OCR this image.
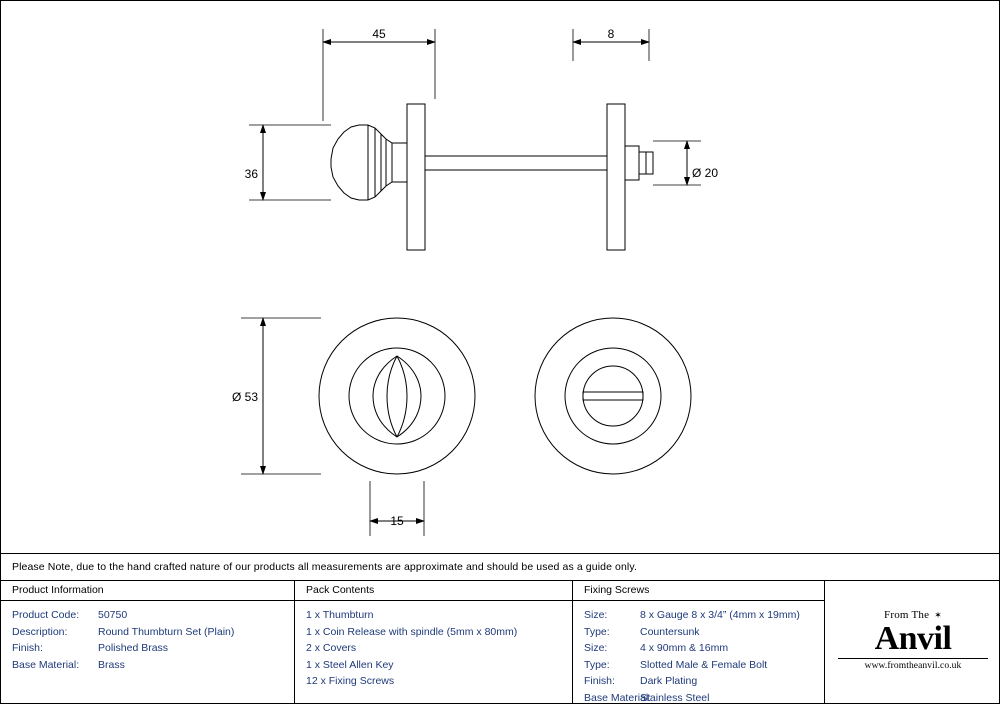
45	8
36	Ø 20
Ø 53
15
Please Note, due to the hand crafted nature of our products all measurements are approximate and should be used as a guide only.
Product Information
Product Code:	50750
Description:	Round Thumbturn Set (Plain)
Finish:	Polished Brass
Base Material:	Brass
Pack Contents
1 x Thumbturn
1 x Coin Release with spindle (5mm x 80mm)
2 x Covers
1 x Steel Allen Key
12 x Fixing Screws
Fixing Screws
Size:	8 x Gauge 8 x 3/4” (4mm x 19mm)
Type:	Countersunk
Size:	4 x 90mm & 16mm
Type:	Slotted Male & Female Bolt
Finish:	Dark Plating
Base Material:
Stainless Steel
From The ✶
Anvil
www.fromtheanvil.co.uk
